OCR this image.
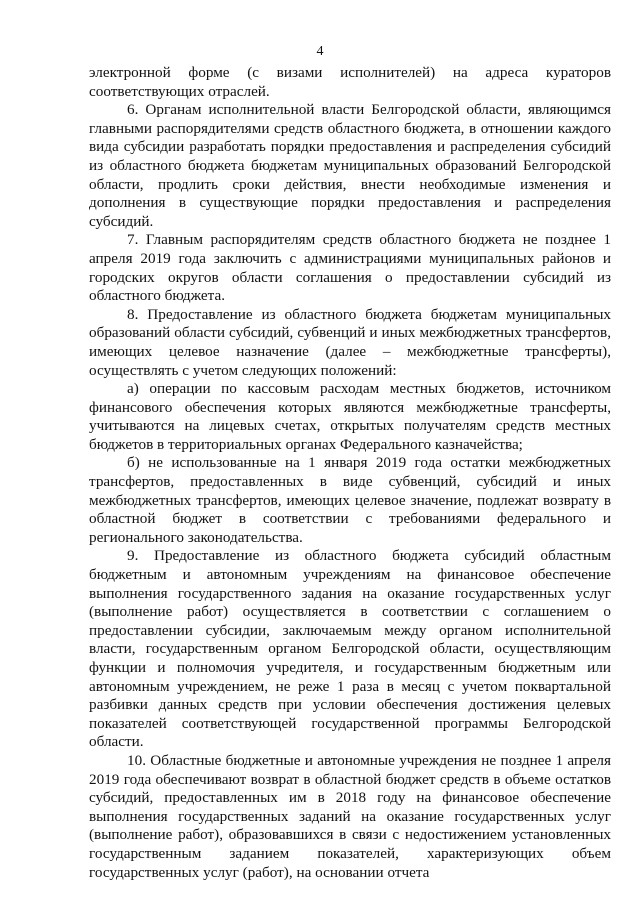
4

электронной форме (с визами исполнителей) на адреса кураторов соответствующих отраслей.

6. Органам исполнительной власти Белгородской области, являющимся главными распорядителями средств областного бюджета, в отношении каждого вида субсидии разработать порядки предоставления и распределения субсидий из областного бюджета бюджетам муниципальных образований Белгородской области, продлить сроки действия, внести необходимые изменения и дополнения в существующие порядки предоставления и распределения субсидий.

7. Главным распорядителям средств областного бюджета не позднее 1 апреля 2019 года заключить с администрациями муниципальных районов и городских округов области соглашения о предоставлении субсидий из областного бюджета.

8. Предоставление из областного бюджета бюджетам муниципальных образований области субсидий, субвенций и иных межбюджетных трансфертов, имеющих целевое назначение (далее – межбюджетные трансферты), осуществлять с учетом следующих положений:

а) операции по кассовым расходам местных бюджетов, источником финансового обеспечения которых являются межбюджетные трансферты, учитываются на лицевых счетах, открытых получателям средств местных бюджетов в территориальных органах Федерального казначейства;

б) не использованные на 1 января 2019 года остатки межбюджетных трансфертов, предоставленных в виде субвенций, субсидий и иных межбюджетных трансфертов, имеющих целевое значение, подлежат возврату в областной бюджет в соответствии с требованиями федерального и регионального законодательства.

9. Предоставление из областного бюджета субсидий областным бюджетным и автономным учреждениям на финансовое обеспечение выполнения государственного задания на оказание государственных услуг (выполнение работ) осуществляется в соответствии с соглашением о предоставлении субсидии, заключаемым между органом исполнительной власти, государственным органом Белгородской области, осуществляющим функции и полномочия учредителя, и государственным бюджетным или автономным учреждением, не реже 1 раза в месяц с учетом поквартальной разбивки данных средств при условии обеспечения достижения целевых показателей соответствующей государственной программы Белгородской области.

10. Областные бюджетные и автономные учреждения не позднее 1 апреля 2019 года обеспечивают возврат в областной бюджет средств в объеме остатков субсидий, предоставленных им в 2018 году на финансовое обеспечение выполнения государственных заданий на оказание государственных услуг (выполнение работ), образовавшихся в связи с недостижением установленных государственным заданием показателей, характеризующих объем государственных услуг (работ), на основании отчета
